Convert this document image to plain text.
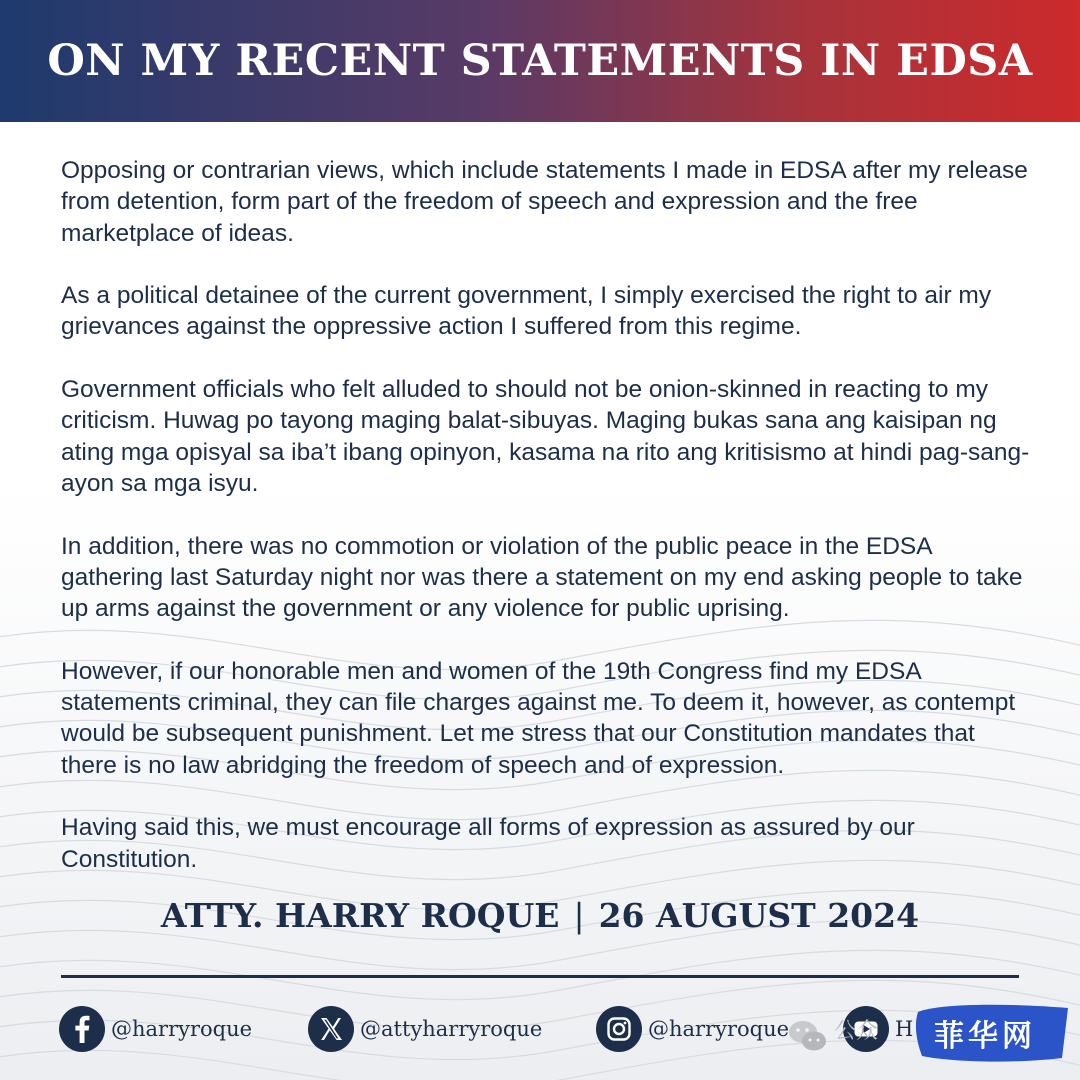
ON MY RECENT STATEMENTS IN EDSA

Opposing or contrarian views, which include statements I made in EDSA after my release from detention, form part of the freedom of speech and expression and the free marketplace of ideas.

As a political detainee of the current government, I simply exercised the right to air my grievances against the oppressive action I suffered from this regime.

Government officials who felt alluded to should not be onion-skinned in reacting to my criticism. Huwag po tayong maging balat-sibuyas. Maging bukas sana ang kaisipan ng ating mga opisyal sa iba’t ibang opinyon, kasama na rito ang kritisismo at hindi pag-sang-ayon sa mga isyu.

In addition, there was no commotion or violation of the public peace in the EDSA gathering last Saturday night nor was there a statement on my end asking people to take up arms against the government or any violence for public uprising.

However, if our honorable men and women of the 19th Congress find my EDSA statements criminal, they can file charges against me. To deem it, however, as contempt would be subsequent punishment. Let me stress that our Constitution mandates that there is no law abridging the freedom of speech and of expression.

Having said this, we must encourage all forms of expression as assured by our Constitution.

ATTY. HARRY ROQUE | 26 AUGUST 2024
@harryroque	@attyharryroque	@harryroque	H
公众 菲华网
